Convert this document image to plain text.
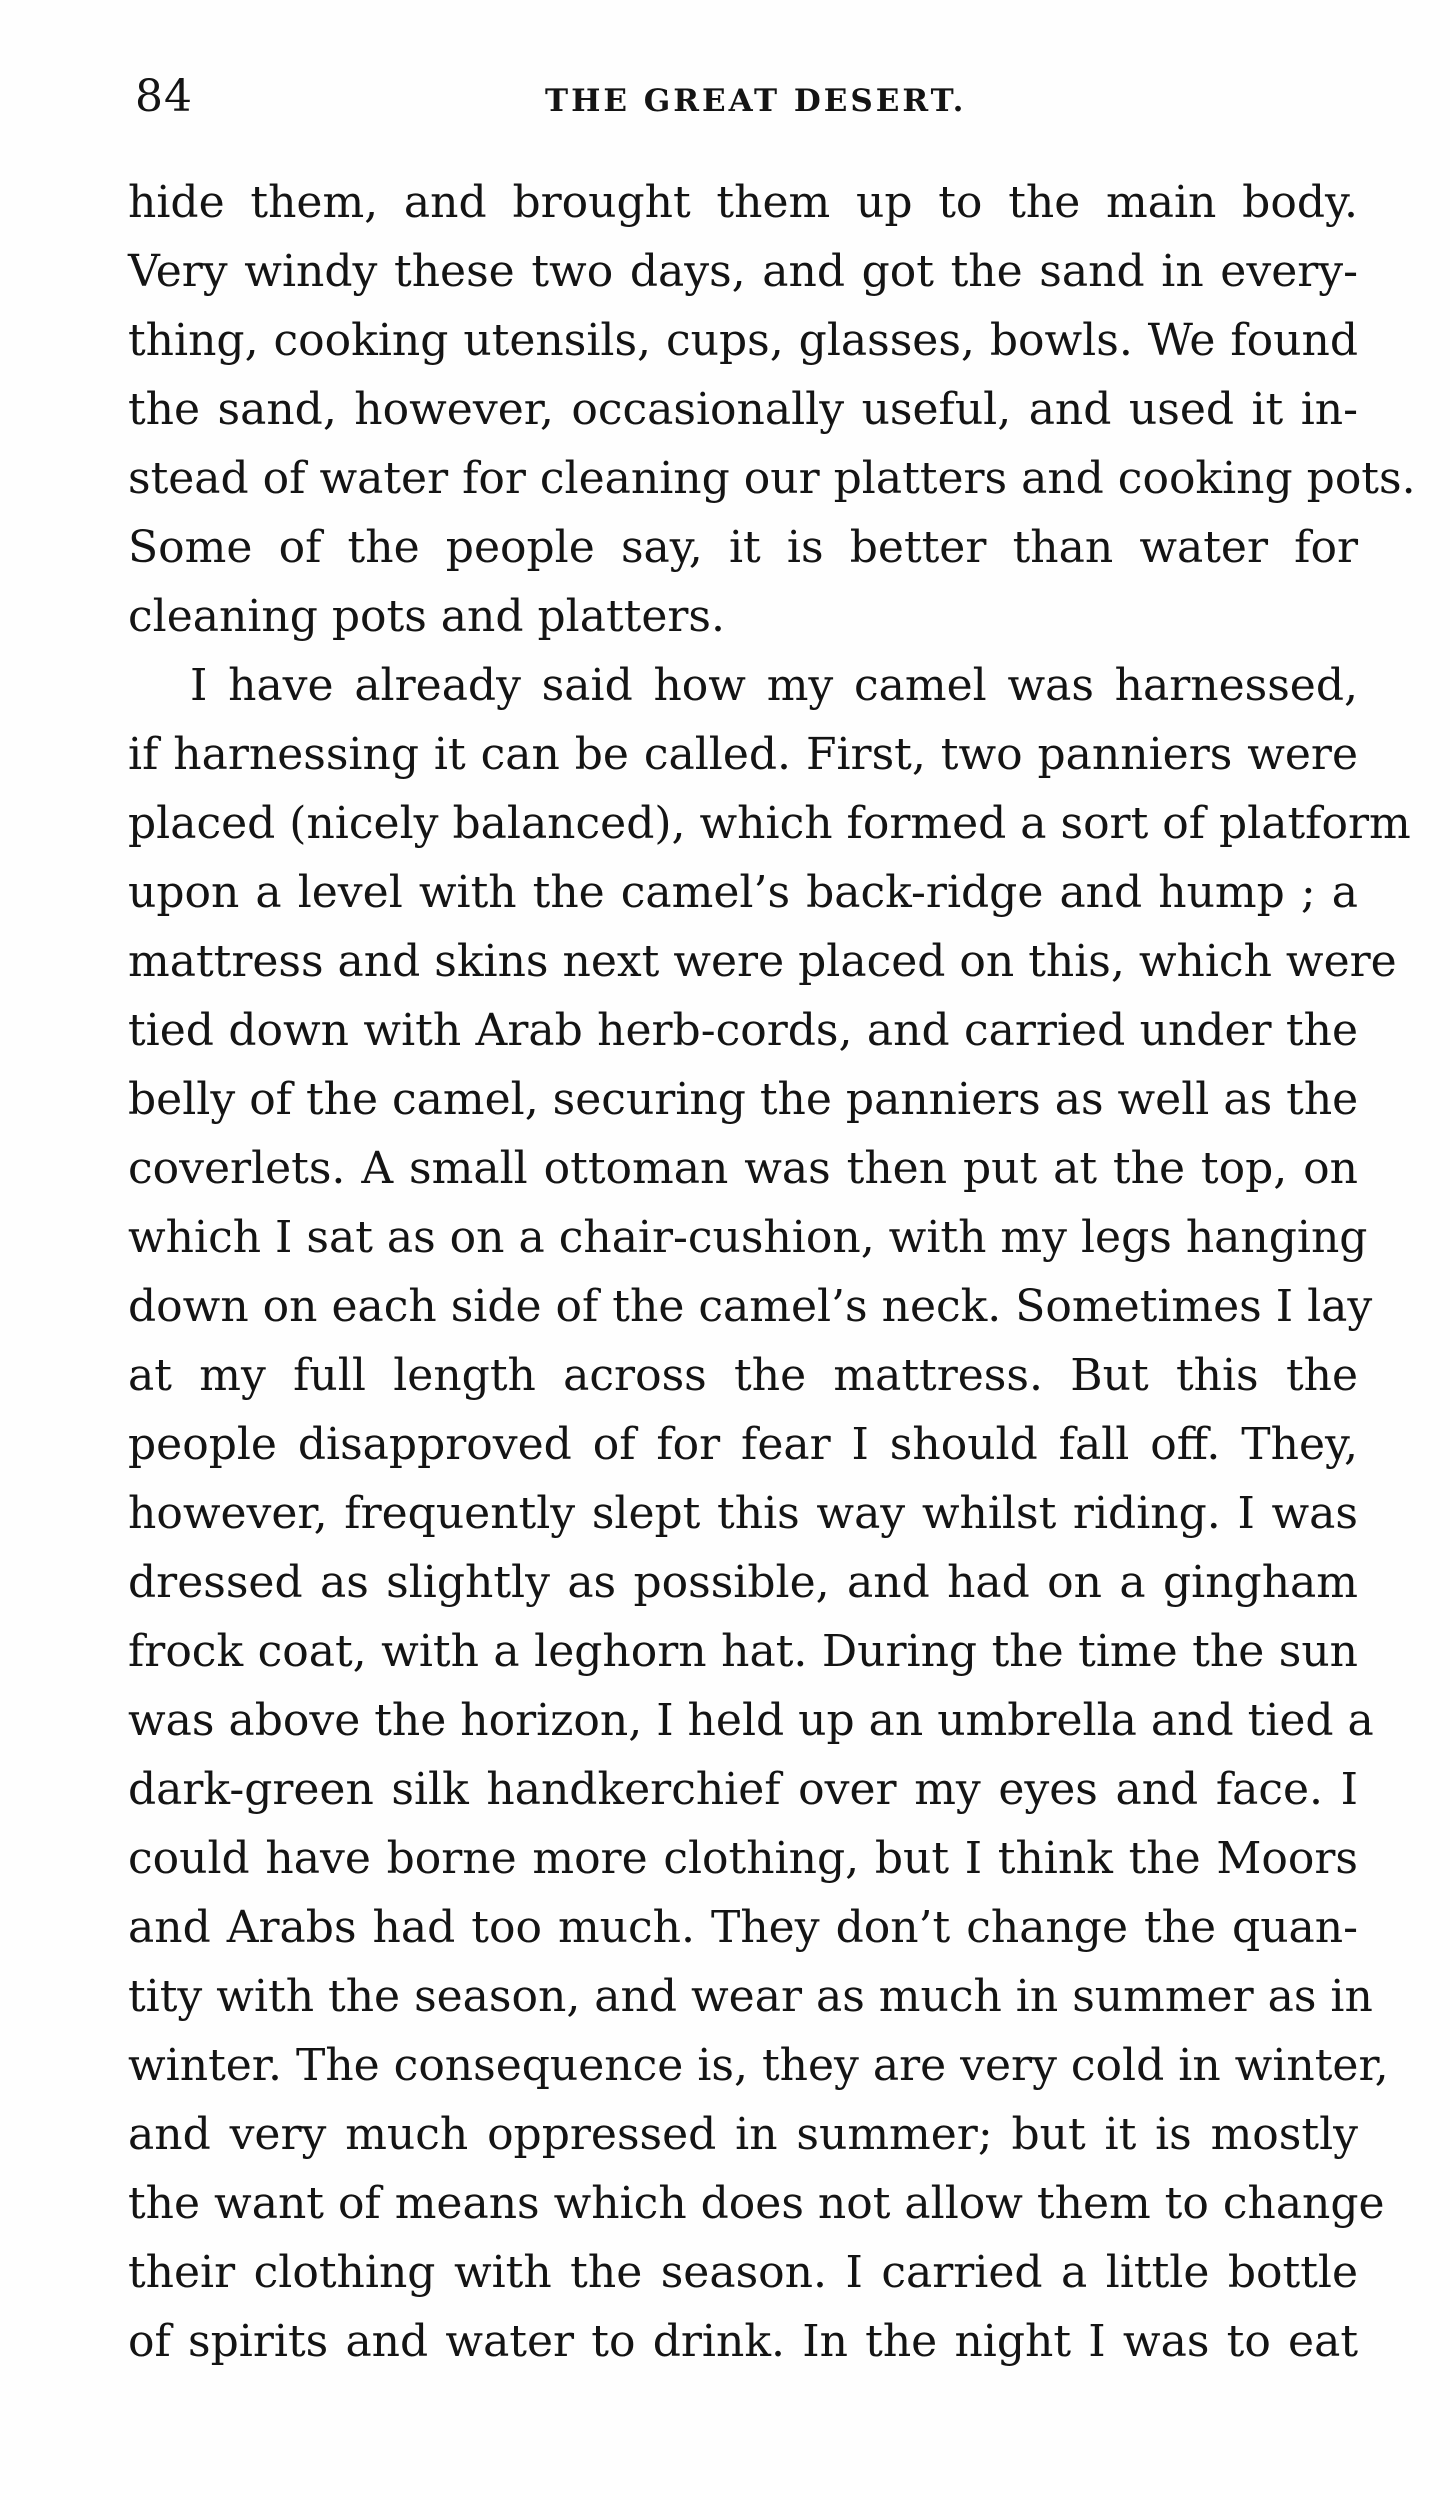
84	THE GREAT DESERT.
hide them, and brought them up to the main body.
Very windy these two days, and got the sand in every-
thing, cooking utensils, cups, glasses, bowls. We found
the sand, however, occasionally useful, and used it in-
stead of water for cleaning our platters and cooking pots.
Some of the people say, it is better than water for
cleaning pots and platters.
I have already said how my camel was harnessed,
if harnessing it can be called. First, two panniers were
placed (nicely balanced), which formed a sort of platform
upon a level with the camel’s back-ridge and hump ; a
mattress and skins next were placed on this, which were
tied down with Arab herb-cords, and carried under the
belly of the camel, securing the panniers as well as the
coverlets. A small ottoman was then put at the top, on
which I sat as on a chair-cushion, with my legs hanging
down on each side of the camel’s neck. Sometimes I lay
at my full length across the mattress. But this the
people disapproved of for fear I should fall off. They,
however, frequently slept this way whilst riding. I was
dressed as slightly as possible, and had on a gingham
frock coat, with a leghorn hat. During the time the sun
was above the horizon, I held up an umbrella and tied a
dark-green silk handkerchief over my eyes and face. I
could have borne more clothing, but I think the Moors
and Arabs had too much. They don’t change the quan-
tity with the season, and wear as much in summer as in
winter. The consequence is, they are very cold in winter,
and very much oppressed in summer; but it is mostly
the want of means which does not allow them to change
their clothing with the season. I carried a little bottle
of spirits and water to drink. In the night I was to eat
